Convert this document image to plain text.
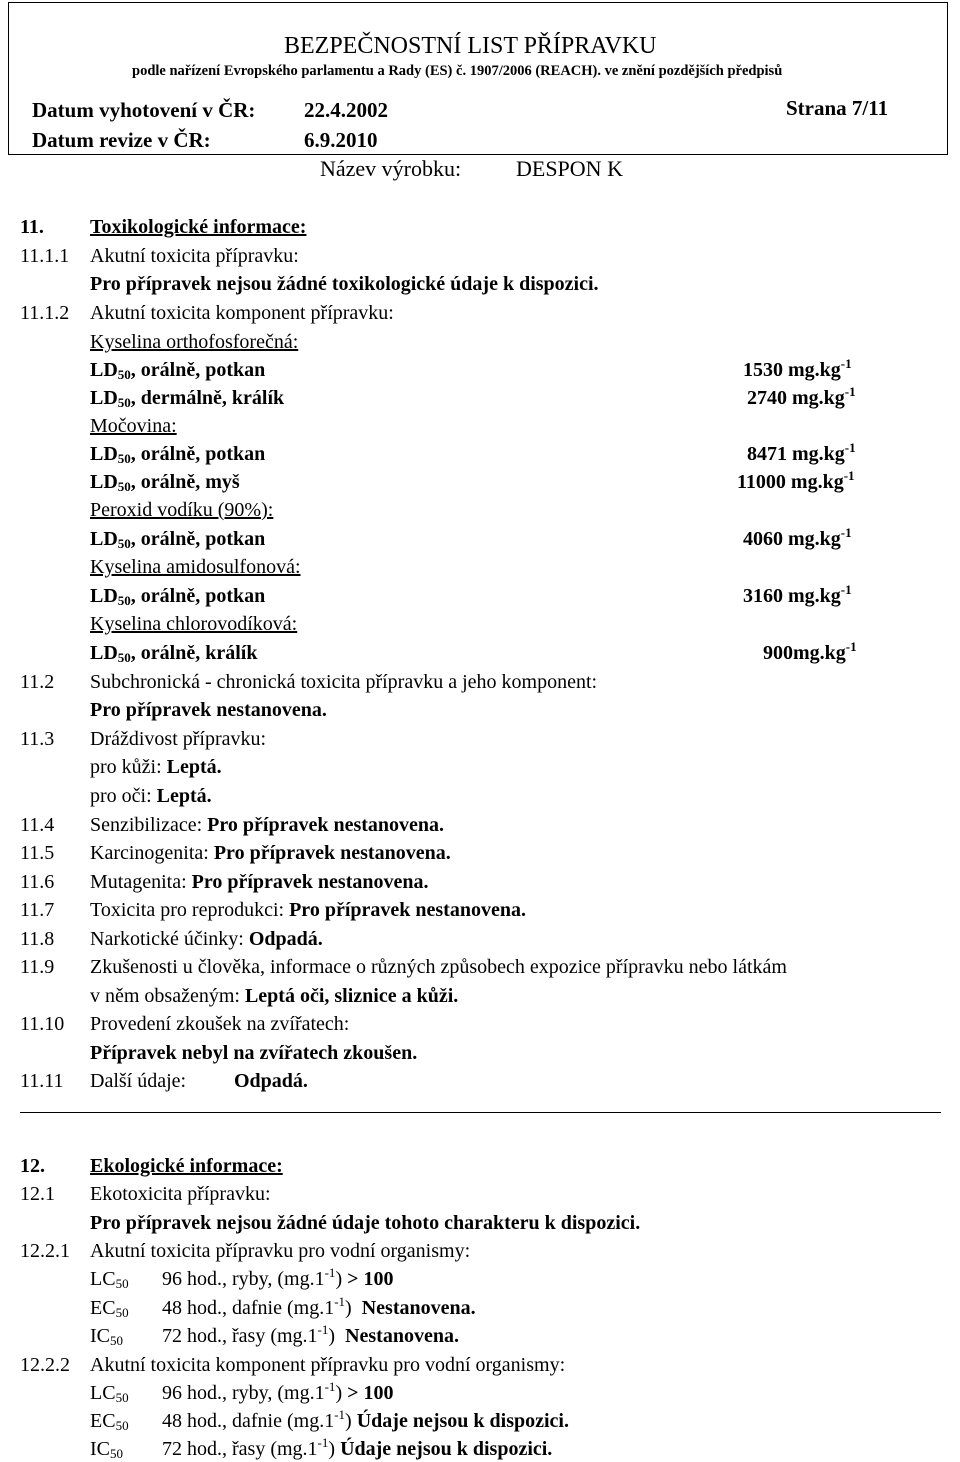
BEZPEČNOSTNÍ LIST PŘÍPRAVKU
podle nařízení Evropského parlamentu a Rady (ES) č. 1907/2006 (REACH). ve znění pozdějších předpisů
Datum vyhotovení v ČR: 22.4.2002	Strana 7/11
Datum revize v ČR:	6.9.2010
Název výrobku: DESPON K
11. Toxikologické informace:
11.1.1 Akutní toxicita přípravku:
Pro přípravek nejsou žádné toxikologické údaje k dispozici.
11.1.2 Akutní toxicita komponent přípravku:
Kyselina orthofosforečná:
$LD_{50}$, orálně, potkan	1530 $mg.kg^{-1}$
$LD_{50}$, dermálně, králík	2740 $mg.kg^{-1}$
Močovina:
$LD_{50}$, orálně, potkan	8471 $mg.kg^{-1}$
$LD_{50}$, orálně, myš	11000 $mg.kg^{-1}$
Peroxid vodíku (90%):
$LD_{50}$, orálně, potkan	4060 $mg.kg^{-1}$
Kyselina amidosulfonová:
$LD_{50}$, orálně, potkan	3160 $mg.kg^{-1}$
Kyselina chlorovodíková:
$LD_{50}$, orálně, králík	$900mg.kg^{-1}$
11.2 Subchronická - chronická toxicita přípravku a jeho komponent:
Pro přípravek nestanovena.
11.3 Dráždivost přípravku:
pro kůži: Leptá.
pro oči: Leptá.
11.4 Senzibilizace: Pro přípravek nestanovena.
11.5 Karcinogenita: Pro přípravek nestanovena.
11.6 Mutagenita: Pro přípravek nestanovena.
11.7 Toxicita pro reprodukci: Pro přípravek nestanovena.
11.8 Narkotické účinky: Odpadá.
11.9 Zkušenosti u člověka, informace o různých způsobech expozice přípravku nebo látkám
v něm obsaženým: Leptá oči, sliznice a kůži.
11.10 Provedení zkoušek na zvířatech:
Přípravek nebyl na zvířatech zkoušen.
11.11 Další údaje: Odpadá.
12. Ekologické informace:
12.1 Ekotoxicita přípravku:
Pro přípravek nejsou žádné údaje tohoto charakteru k dispozici.
12.2.1 Akutní toxicita přípravku pro vodní organismy:
$LC_{50}$ 96 hod., ryby, $(mg.1^{-1}) > 100$
$EC_{50}$ 48 hod., dafnie $(mg.1^{-1})$ Nestanovena.
$IC_{50}$ 72 hod., řasy $(mg.1^{-1})$ Nestanovena.
12.2.2 Akutní toxicita komponent přípravku pro vodní organismy:
$LC_{50}$ 96 hod., ryby, $(mg.1^{-1}) > 100$
$EC_{50}$ 48 hod., dafnie $(mg.1^{-1})$ Údaje nejsou k dispozici.
$IC_{50}$ 72 hod., řasy $(mg.1^{-1})$ Údaje nejsou k dispozici.
